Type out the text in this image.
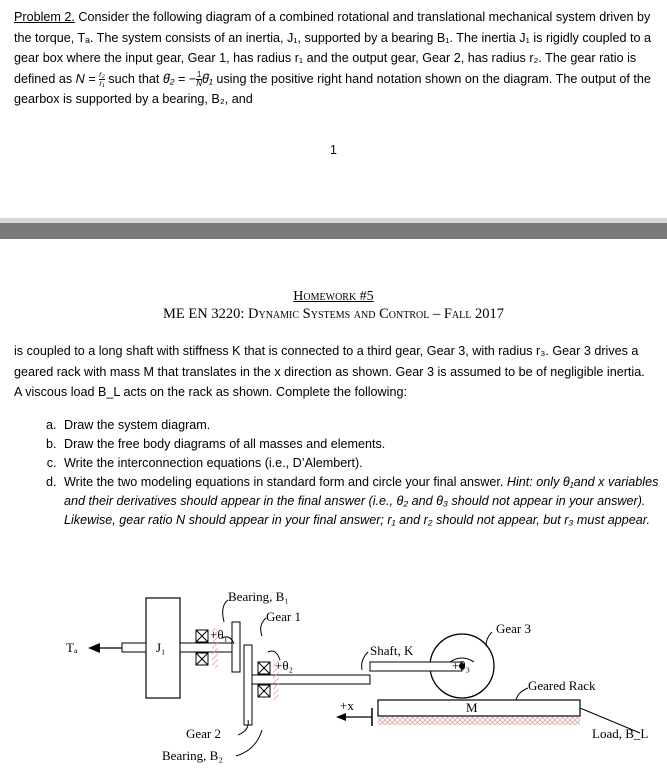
Problem 2. Consider the following diagram of a combined rotational and translational mechanical system driven by the torque, Tₐ. The system consists of an inertia, J₁, supported by a bearing B₁. The inertia J₁ is rigidly coupled to a gear box where the input gear, Gear 1, has radius r₁ and the output gear, Gear 2, has radius r₂. The gear ratio is defined as $N = \frac{\text{r₂}}{\text{r₁}}$ such that θ̇₂ = − $\frac{1}{N}$ θ̇₁ using the positive right hand notation shown on the diagram. The output of the gearbox is supported by a bearing, B₂, and

1
Homework #5
ME EN 3220: Dynamic Systems and Control – Fall 2017

is coupled to a long shaft with stiffness K that is connected to a third gear, Gear 3, with radius r₃. Gear 3 drives a geared rack with mass M that translates in the x direction as shown. Gear 3 is assumed to be of negligible inertia. A viscous load B_L acts on the rack as shown. Complete the following:

a. Draw the system diagram.
b. Draw the free body diagrams of all masses and elements.
c. Write the interconnection equations (i.e., D’Alembert).
d. Write the two modeling equations in standard form and circle your final answer. Hint: only θ₁and x variables and their derivatives should appear in the final answer (i.e., θ₂ and θ₃ should not appear in your answer). Likewise, gear ratio N should appear in your final answer; r₁ and r₂ should not appear, but r₃ must appear.
Bearing, B₁
Gear 1
Gear 3
Tₐ	J₁
+θ₁
+θ₂	+θ₃
Shaft, K
Geared Rack
+x	M
Gear 2
Bearing, B₂
Load, B_L
